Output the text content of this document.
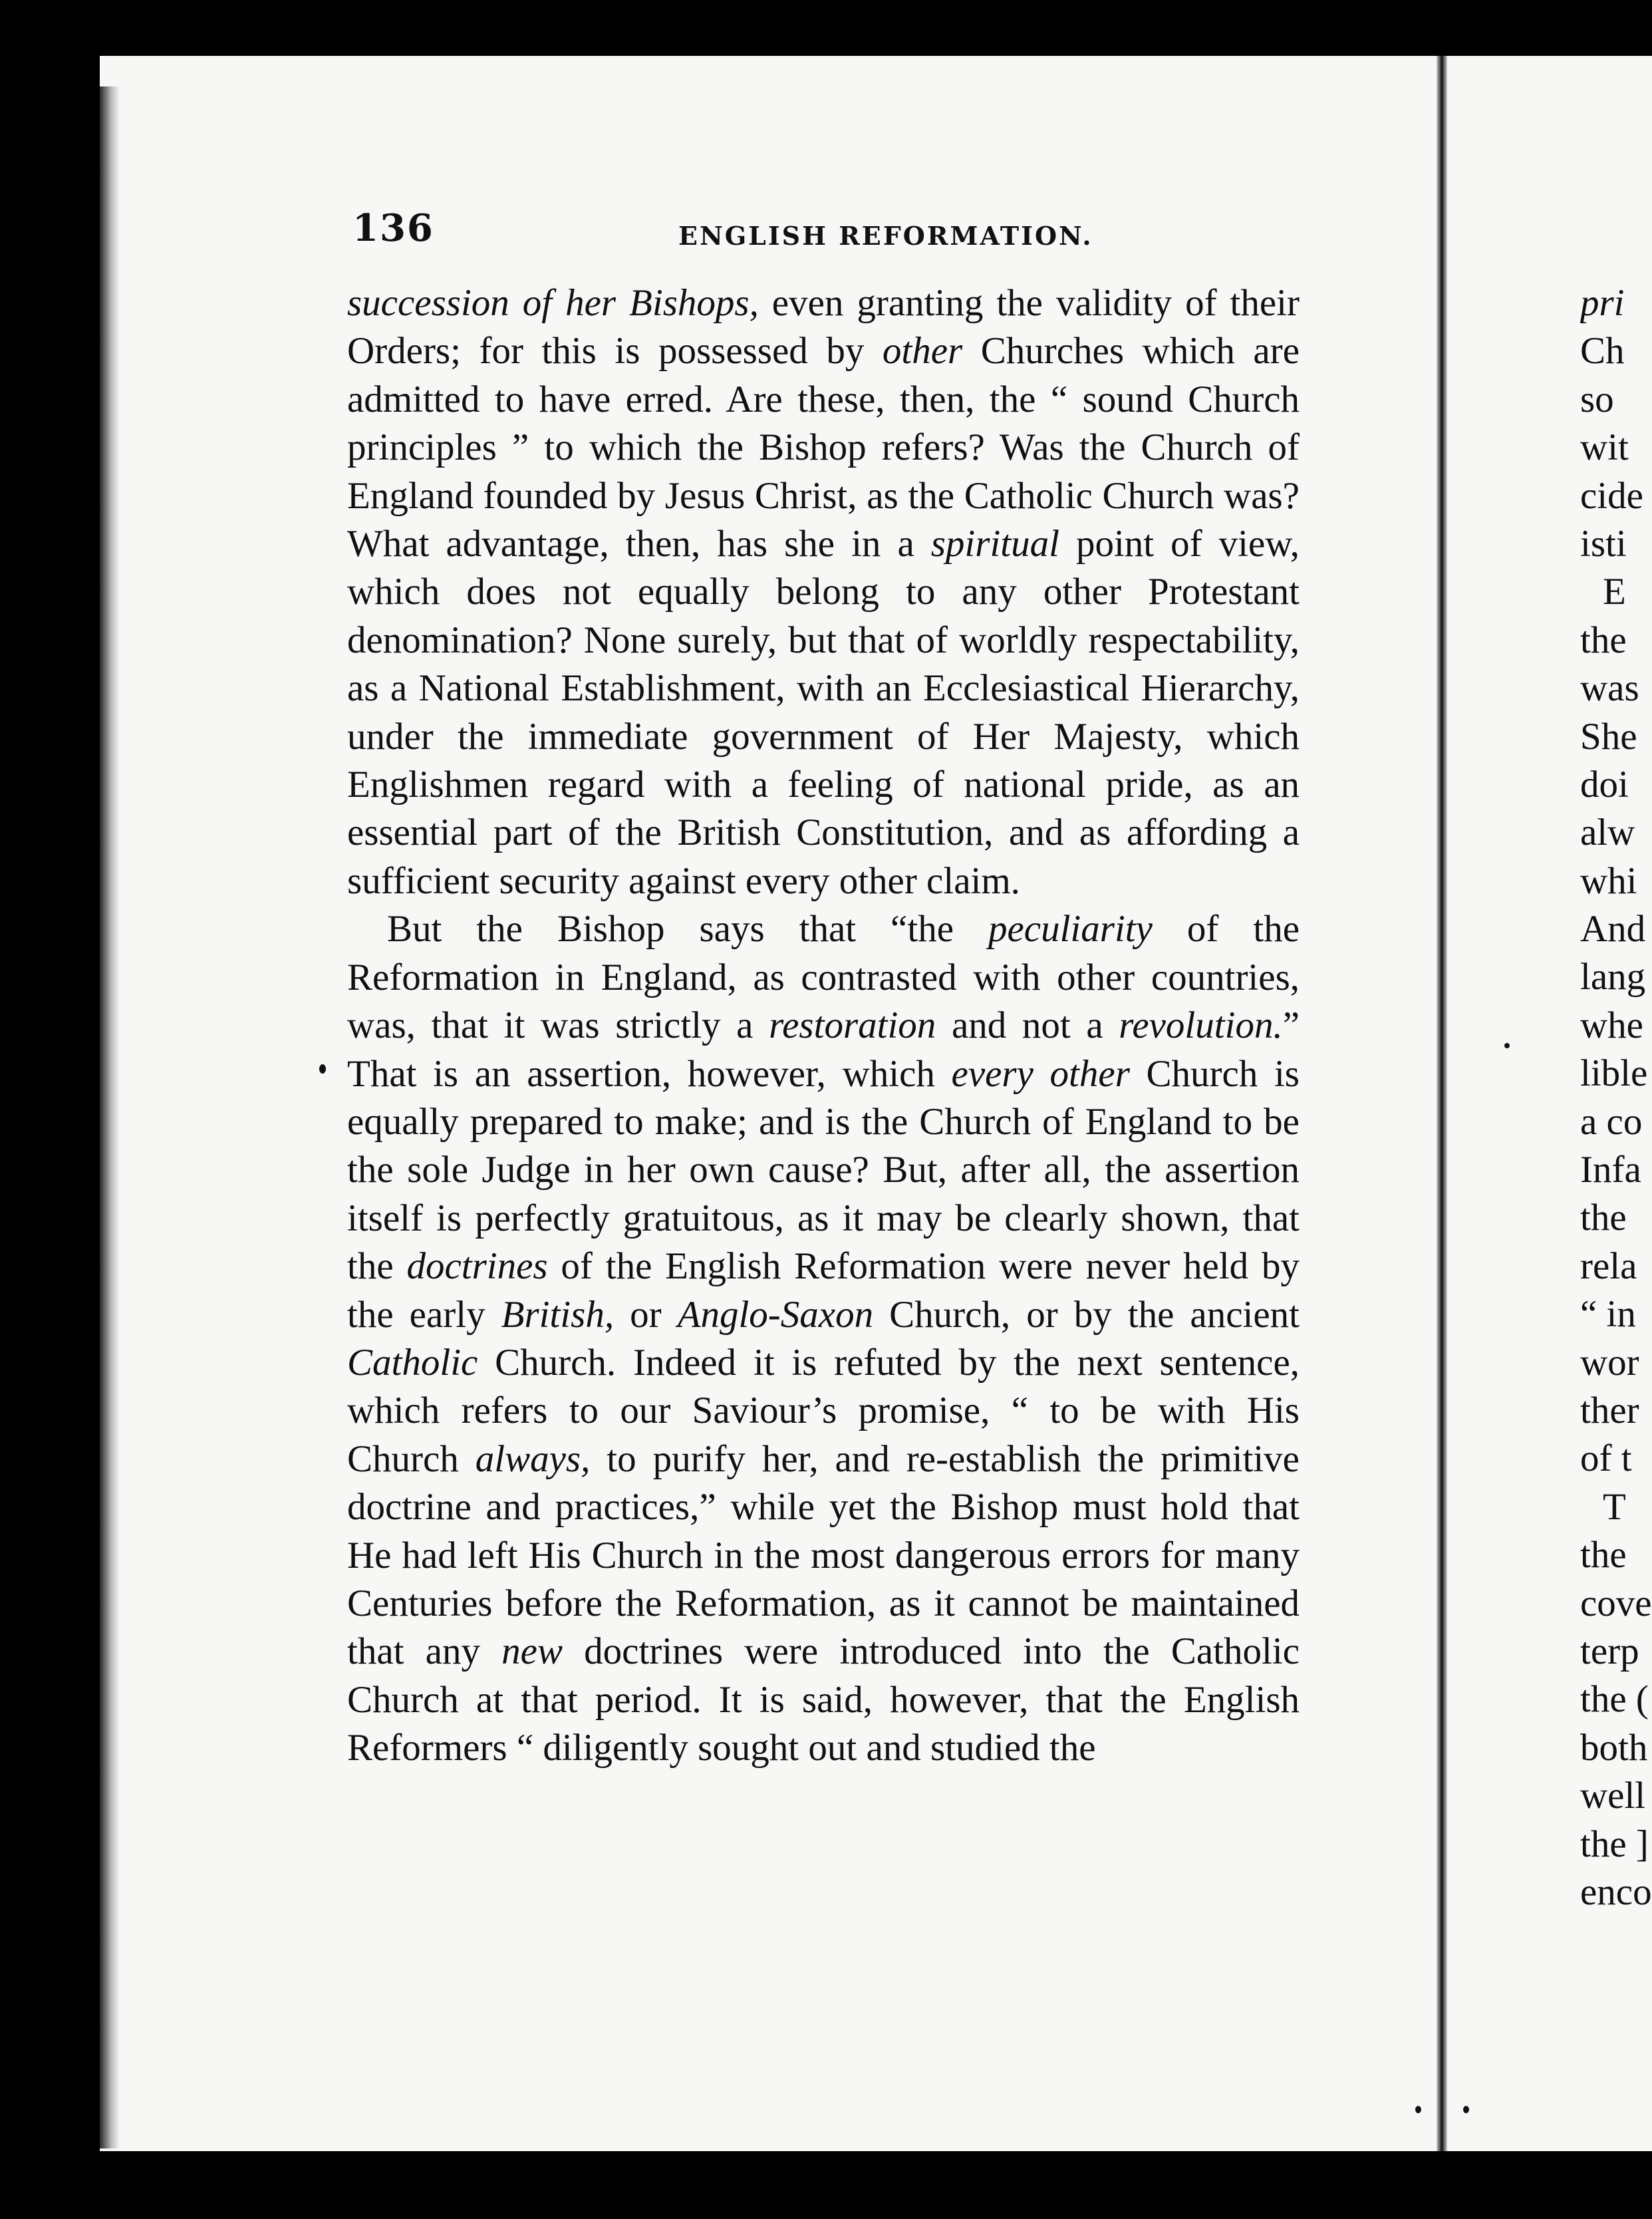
136	ENGLISH REFORMATION.

succession of her Bishops, even granting the validity of their Orders; for this is possessed by other Churches which are admitted to have erred. Are these, then, the “ sound Church principles ” to which the Bishop refers? Was the Church of England founded by Jesus Christ, as the Catholic Church was? What advantage, then, has she in a spiritual point of view, which does not equally belong to any other Protestant denomination? None surely, but that of worldly respectability, as a National Establishment, with an Ecclesiastical Hierarchy, under the immediate government of Her Majesty, which Englishmen regard with a feeling of national pride, as an essential part of the British Constitution, and as affording a sufficient security against every other claim.

But the Bishop says that “the peculiarity of the Reformation in England, as contrasted with other countries, was, that it was strictly a restoration and not a revolution.” That is an assertion, however, which every other Church is equally prepared to make; and is the Church of England to be the sole Judge in her own cause? But, after all, the assertion itself is perfectly gratuitous, as it may be clearly shown, that the doctrines of the English Reformation were never held by the early British, or Anglo-Saxon Church, or by the ancient Catholic Church. Indeed it is refuted by the next sentence, which refers to our Saviour’s promise, “ to be with His Church always, to purify her, and re-establish the primitive doctrine and practices,” while yet the Bishop must hold that He had left His Church in the most dangerous errors for many Centuries before the Reformation, as it cannot be maintained that any new doctrines were introduced into the Catholic Church at that period. It is said, however, that the English Reformers “ diligently sought out and studied the

pri
Ch
so
wit
cide
isti
E
the
was
She
doi
alw
whi
And
lang
whe
lible
a co
Infa
the
rela
“ in
wor
ther
of t
T
the
cove
terp
the (
both
well
the ]
enco
